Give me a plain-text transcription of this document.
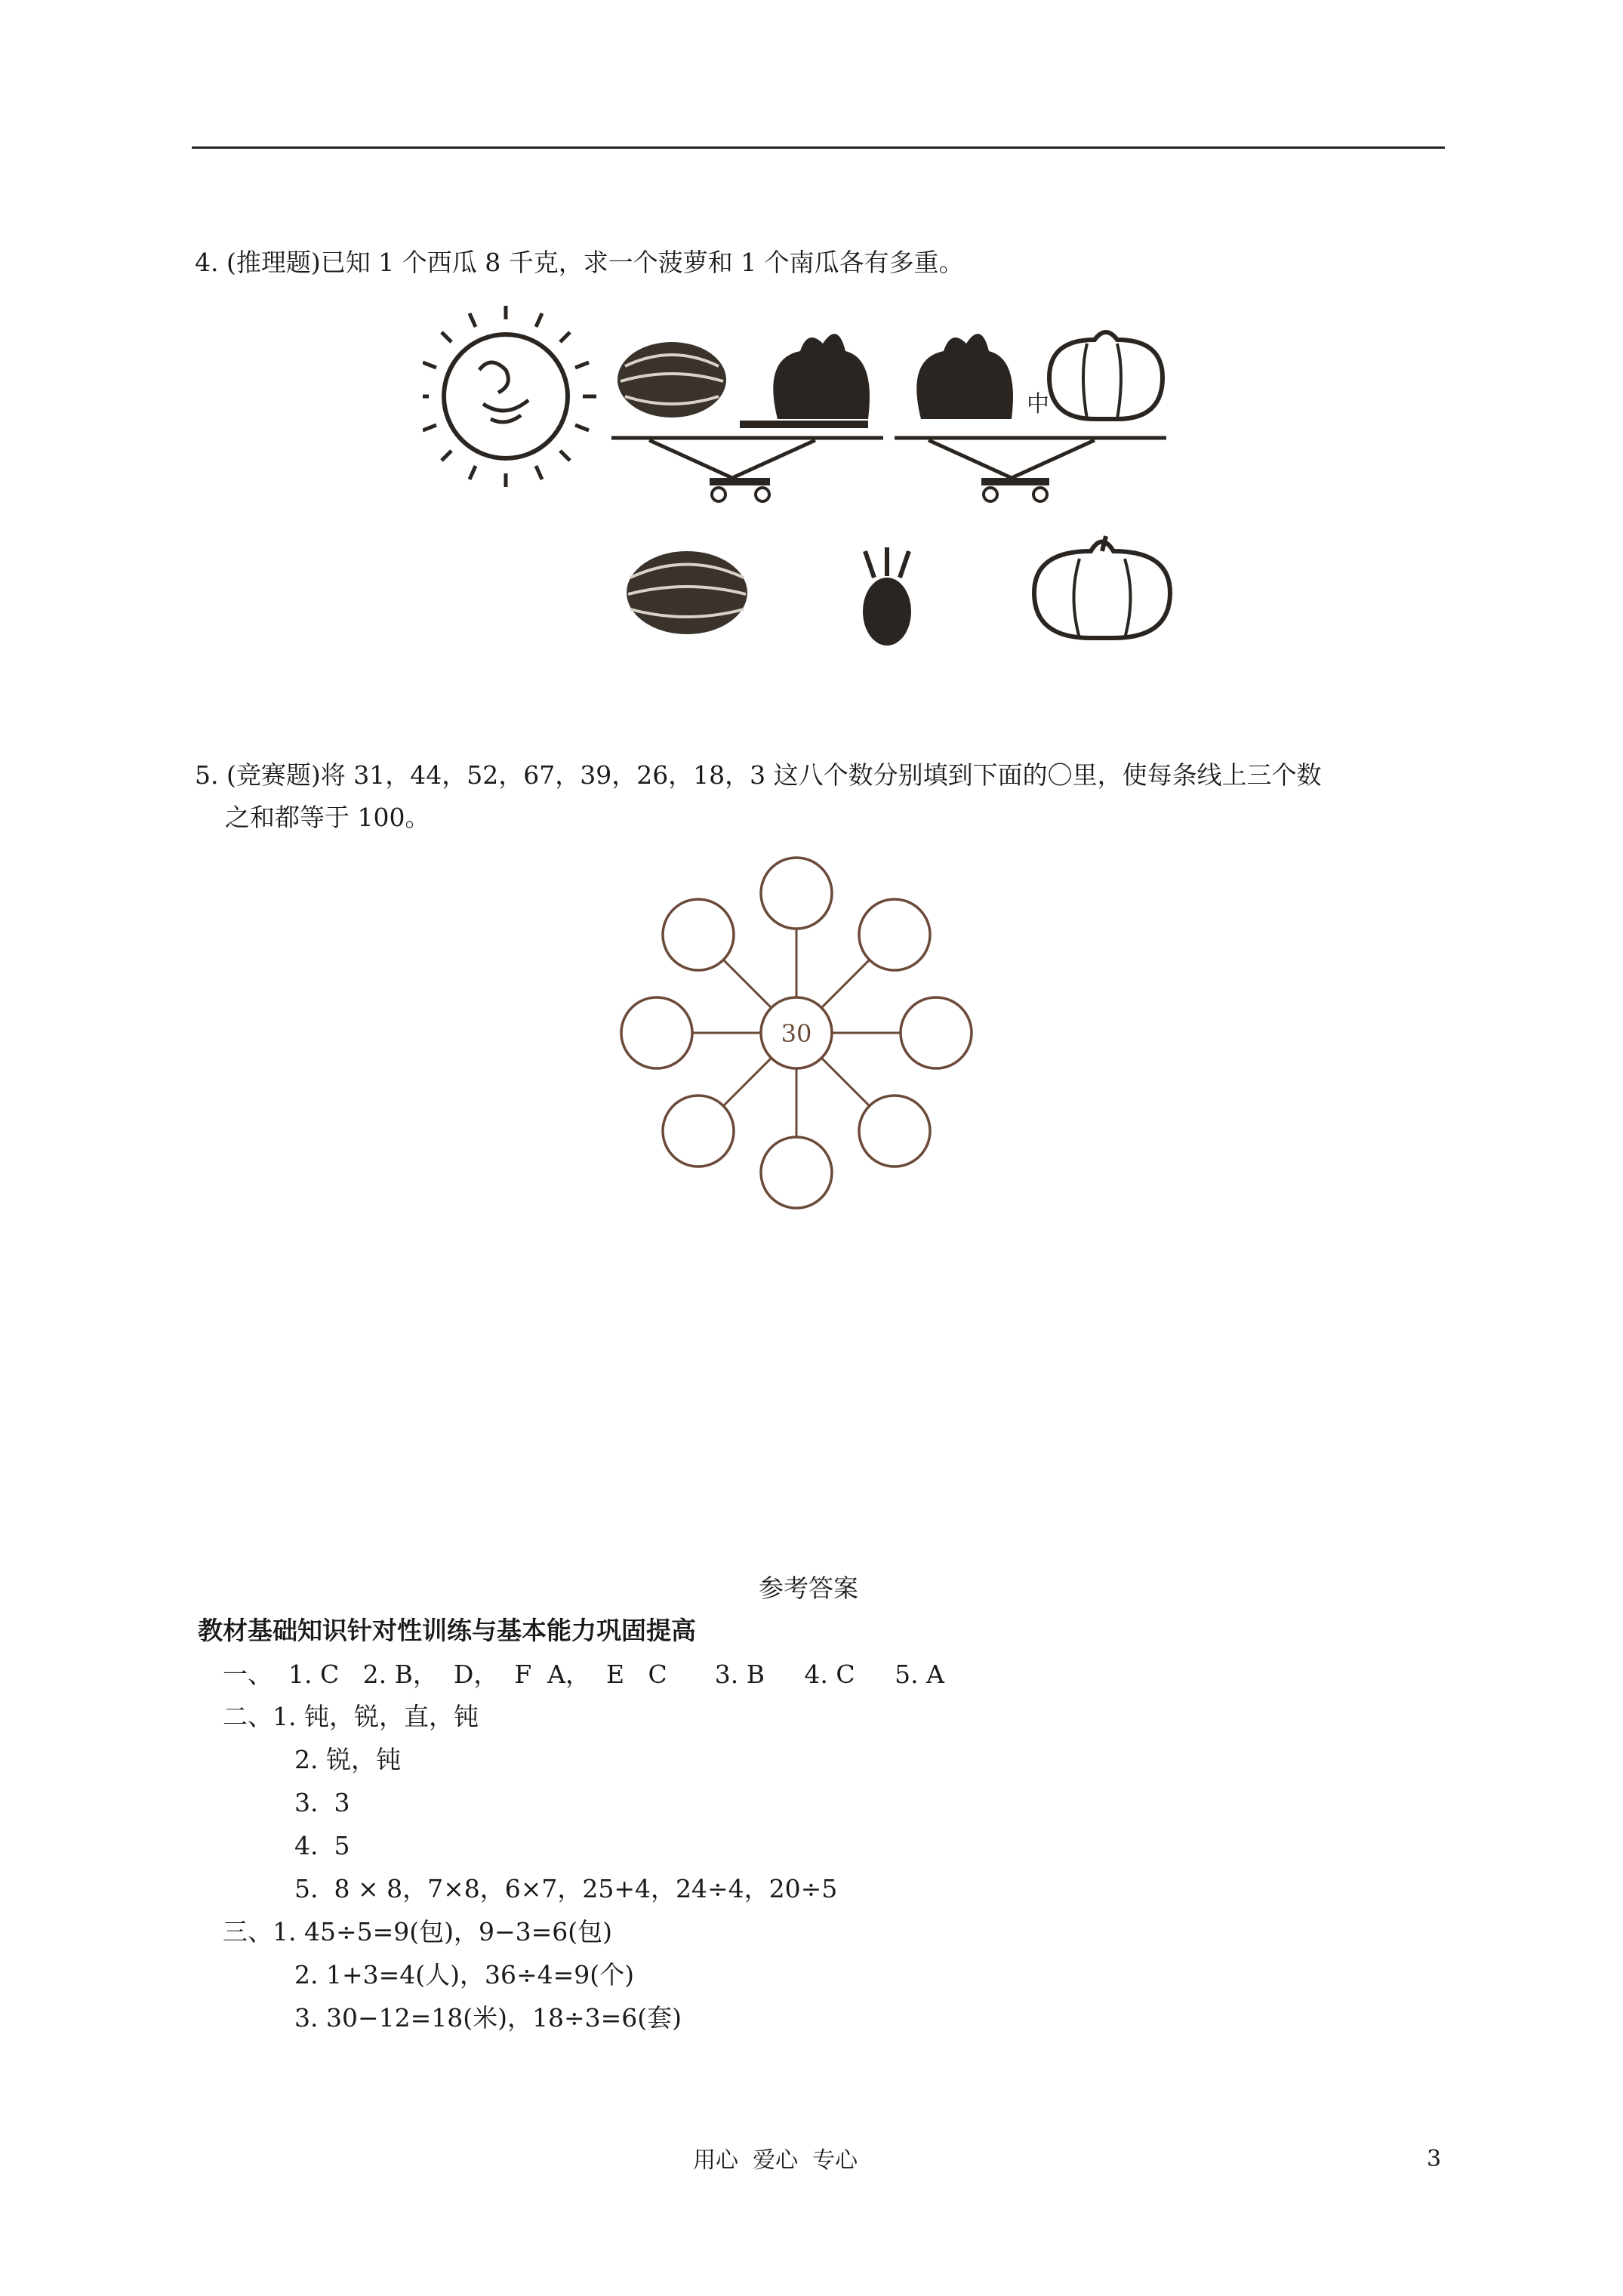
4. (推理题)已知 1 个西瓜 8 千克，求一个菠萝和 1 个南瓜各有多重。
中	中
5. (竞赛题)将 31，44，52，67，39，26，18，3 这八个数分别填到下面的〇里，使每条线上三个数
之和都等于 100。
30
参考答案
教材基础知识针对性训练与基本能力巩固提高
一、  1. C   2. B，  D，  F  A，  E   C      3. B     4. C     5. A
二、1. 钝，锐，直，钝
2. 锐，钝
3.  3
4.  5
5.  8 × 8，7×8，6×7，25+4，24÷4，20÷5
三、1. 45÷5=9(包)，9−3=6(包)
2. 1+3=4(人)，36÷4=9(个)
3. 30−12=18(米)，18÷3=6(套)
用心  爱心  专心	3
